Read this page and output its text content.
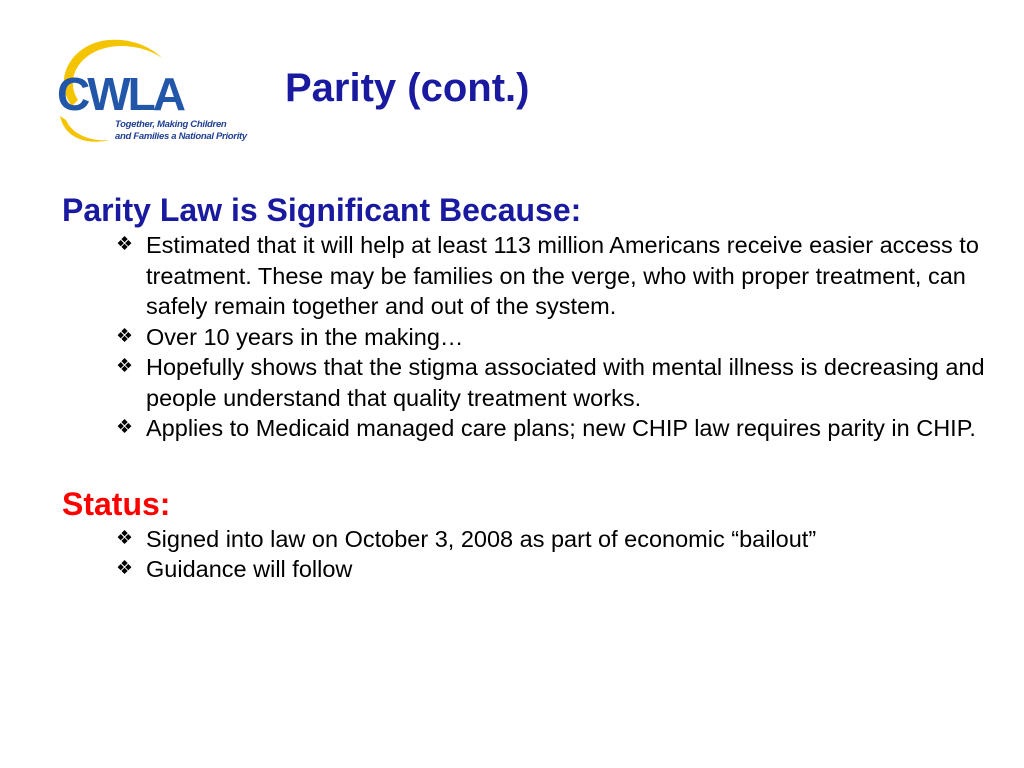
CWLA
Together, Making Children
and Families a National Priority
Parity (cont.)
Parity Law is Significant Because:
❖ Estimated that it will help at least 113 million Americans receive easier access to treatment. These may be families on the verge, who with proper treatment, can safely remain together and out of the system.
❖ Over 10 years in the making…
❖ Hopefully shows that the stigma associated with mental illness is decreasing and people understand that quality treatment works.
❖ Applies to Medicaid managed care plans; new CHIP law requires parity in CHIP.
Status:
❖ Signed into law on October 3, 2008 as part of economic “bailout”
❖ Guidance will follow
